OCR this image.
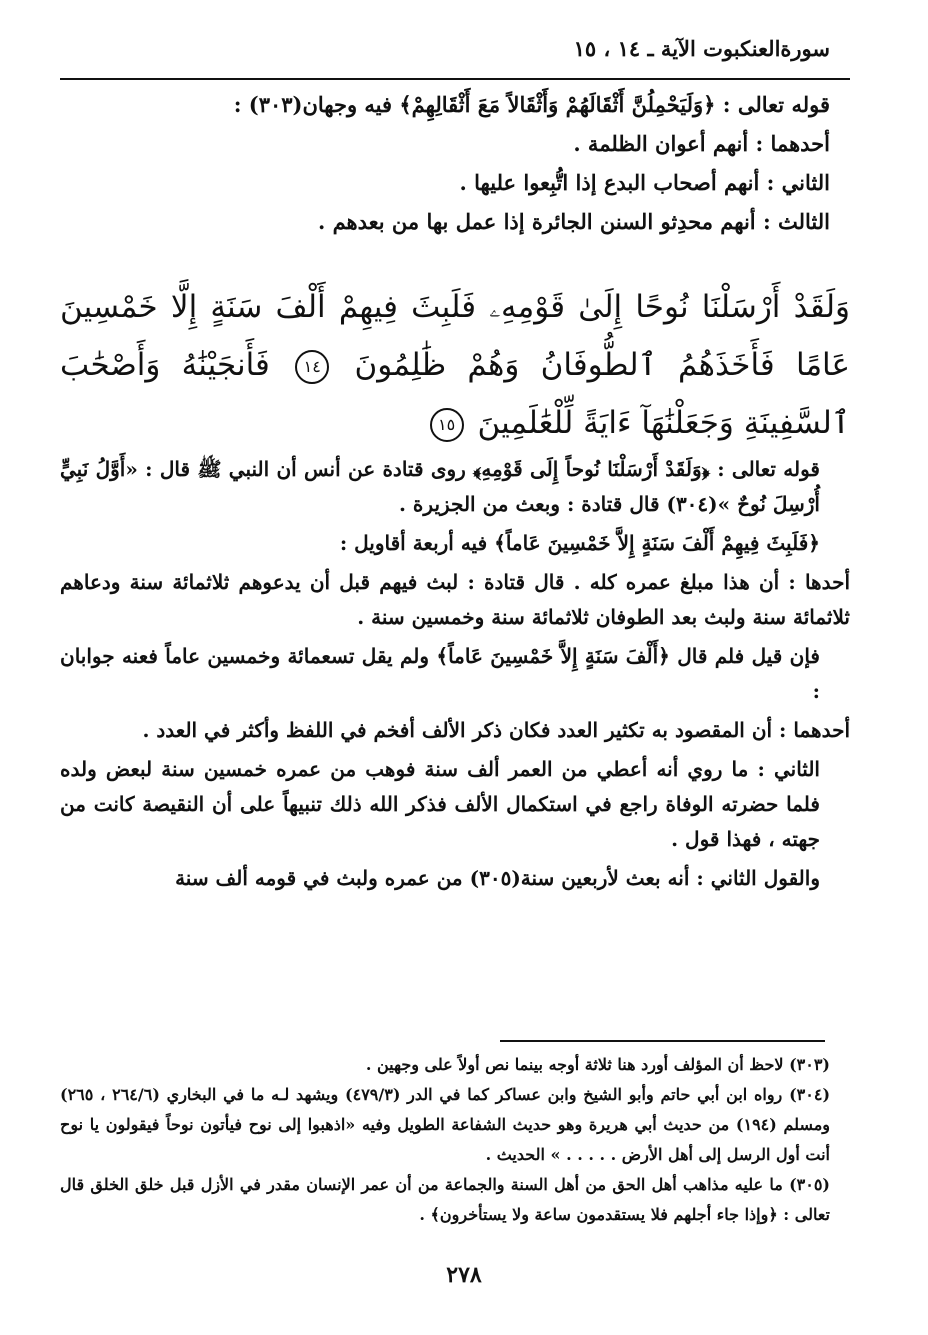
سورةالعنكبوت الآية ـ ١٤ ، ١٥

قوله تعالى : ﴿وَلَيَحْمِلُنَّ أَثْقَالَهُمْ وَأَثْقَالاً مَعَ أَثْقَالِهِمْ﴾ فيه وجهان(٣٠٣) :

أحدهما : أنهم أعوان الظلمة .

الثاني : أنهم أصحاب البدع إذا اتُّبِعوا عليها .

الثالث : أنهم محدِثو السنن الجائرة إذا عمل بها من بعدهم .

وَلَقَدْ أَرْسَلْنَا نُوحًا إِلَىٰ قَوْمِهِۦ فَلَبِثَ فِيهِمْ أَلْفَ سَنَةٍ إِلَّا خَمْسِينَ عَامًا فَأَخَذَهُمُ ٱلطُّوفَانُ وَهُمْ ظَٰلِمُونَ ١٤ فَأَنجَيْنَٰهُ وَأَصْحَٰبَ ٱلسَّفِينَةِ وَجَعَلْنَٰهَآ ءَايَةً لِّلْعَٰلَمِينَ ١٥

قوله تعالى : ﴿وَلَقَدْ أَرْسَلْنَا نُوحاً إِلَى قَوْمِهِ﴾ روى قتادة عن أنس أن النبي ﷺ قال : «أَوَّلُ نَبِيٍّ أُرْسِلَ نُوحٌ »(٣٠٤) قال قتادة : وبعث من الجزيرة .

﴿فَلَبِثَ فِيهِمْ أَلْفَ سَنَةٍ إِلاَّ خَمْسِينَ عَاماً﴾ فيه أربعة أقاويل :

أحدها : أن هذا مبلغ عمره كله . قال قتادة : لبث فيهم قبل أن يدعوهم ثلاثمائة سنة ودعاهم ثلاثمائة سنة ولبث بعد الطوفان ثلاثمائة سنة وخمسين سنة .

فإن قيل فلم قال ﴿أَلْفَ سَنَةٍ إِلاَّ خَمْسِينَ عَاماً﴾ ولم يقل تسعمائة وخمسين عاماً فعنه جوابان :

أحدهما : أن المقصود به تكثير العدد فكان ذكر الألف أفخم في اللفظ وأكثر في العدد .

الثاني : ما روي أنه أعطي من العمر ألف سنة فوهب من عمره خمسين سنة لبعض ولده فلما حضرته الوفاة راجع في استكمال الألف فذكر الله ذلك تنبيهاً على أن النقيصة كانت من جهته ، فهذا قول .

والقول الثاني : أنه بعث لأربعين سنة(٣٠٥) من عمره ولبث في قومه ألف سنة

(٣٠٣) لاحظ أن المؤلف أورد هنا ثلاثة أوجه بينما نص أولاً على وجهين .

(٣٠٤) رواه ابن أبي حاتم وأبو الشيخ وابن عساكر كما في الدر (٤٧٩/٣) ويشهد لـه ما في البخاري (٢٦٤/٦ ، ٢٦٥) ومسلم (١٩٤) من حديث أبي هريرة وهو حديث الشفاعة الطويل وفيه «اذهبوا إلى نوح فيأتون نوحاً فيقولون يا نوح أنت أول الرسل إلى أهل الأرض . . . . . » الحديث .

(٣٠٥) ما عليه مذاهب أهل الحق من أهل السنة والجماعة من أن عمر الإنسان مقدر في الأزل قبل خلق الخلق قال تعالى : ﴿وإذا جاء أجلهم فلا يستقدمون ساعة ولا يستأخرون﴾ .

٢٧٨
